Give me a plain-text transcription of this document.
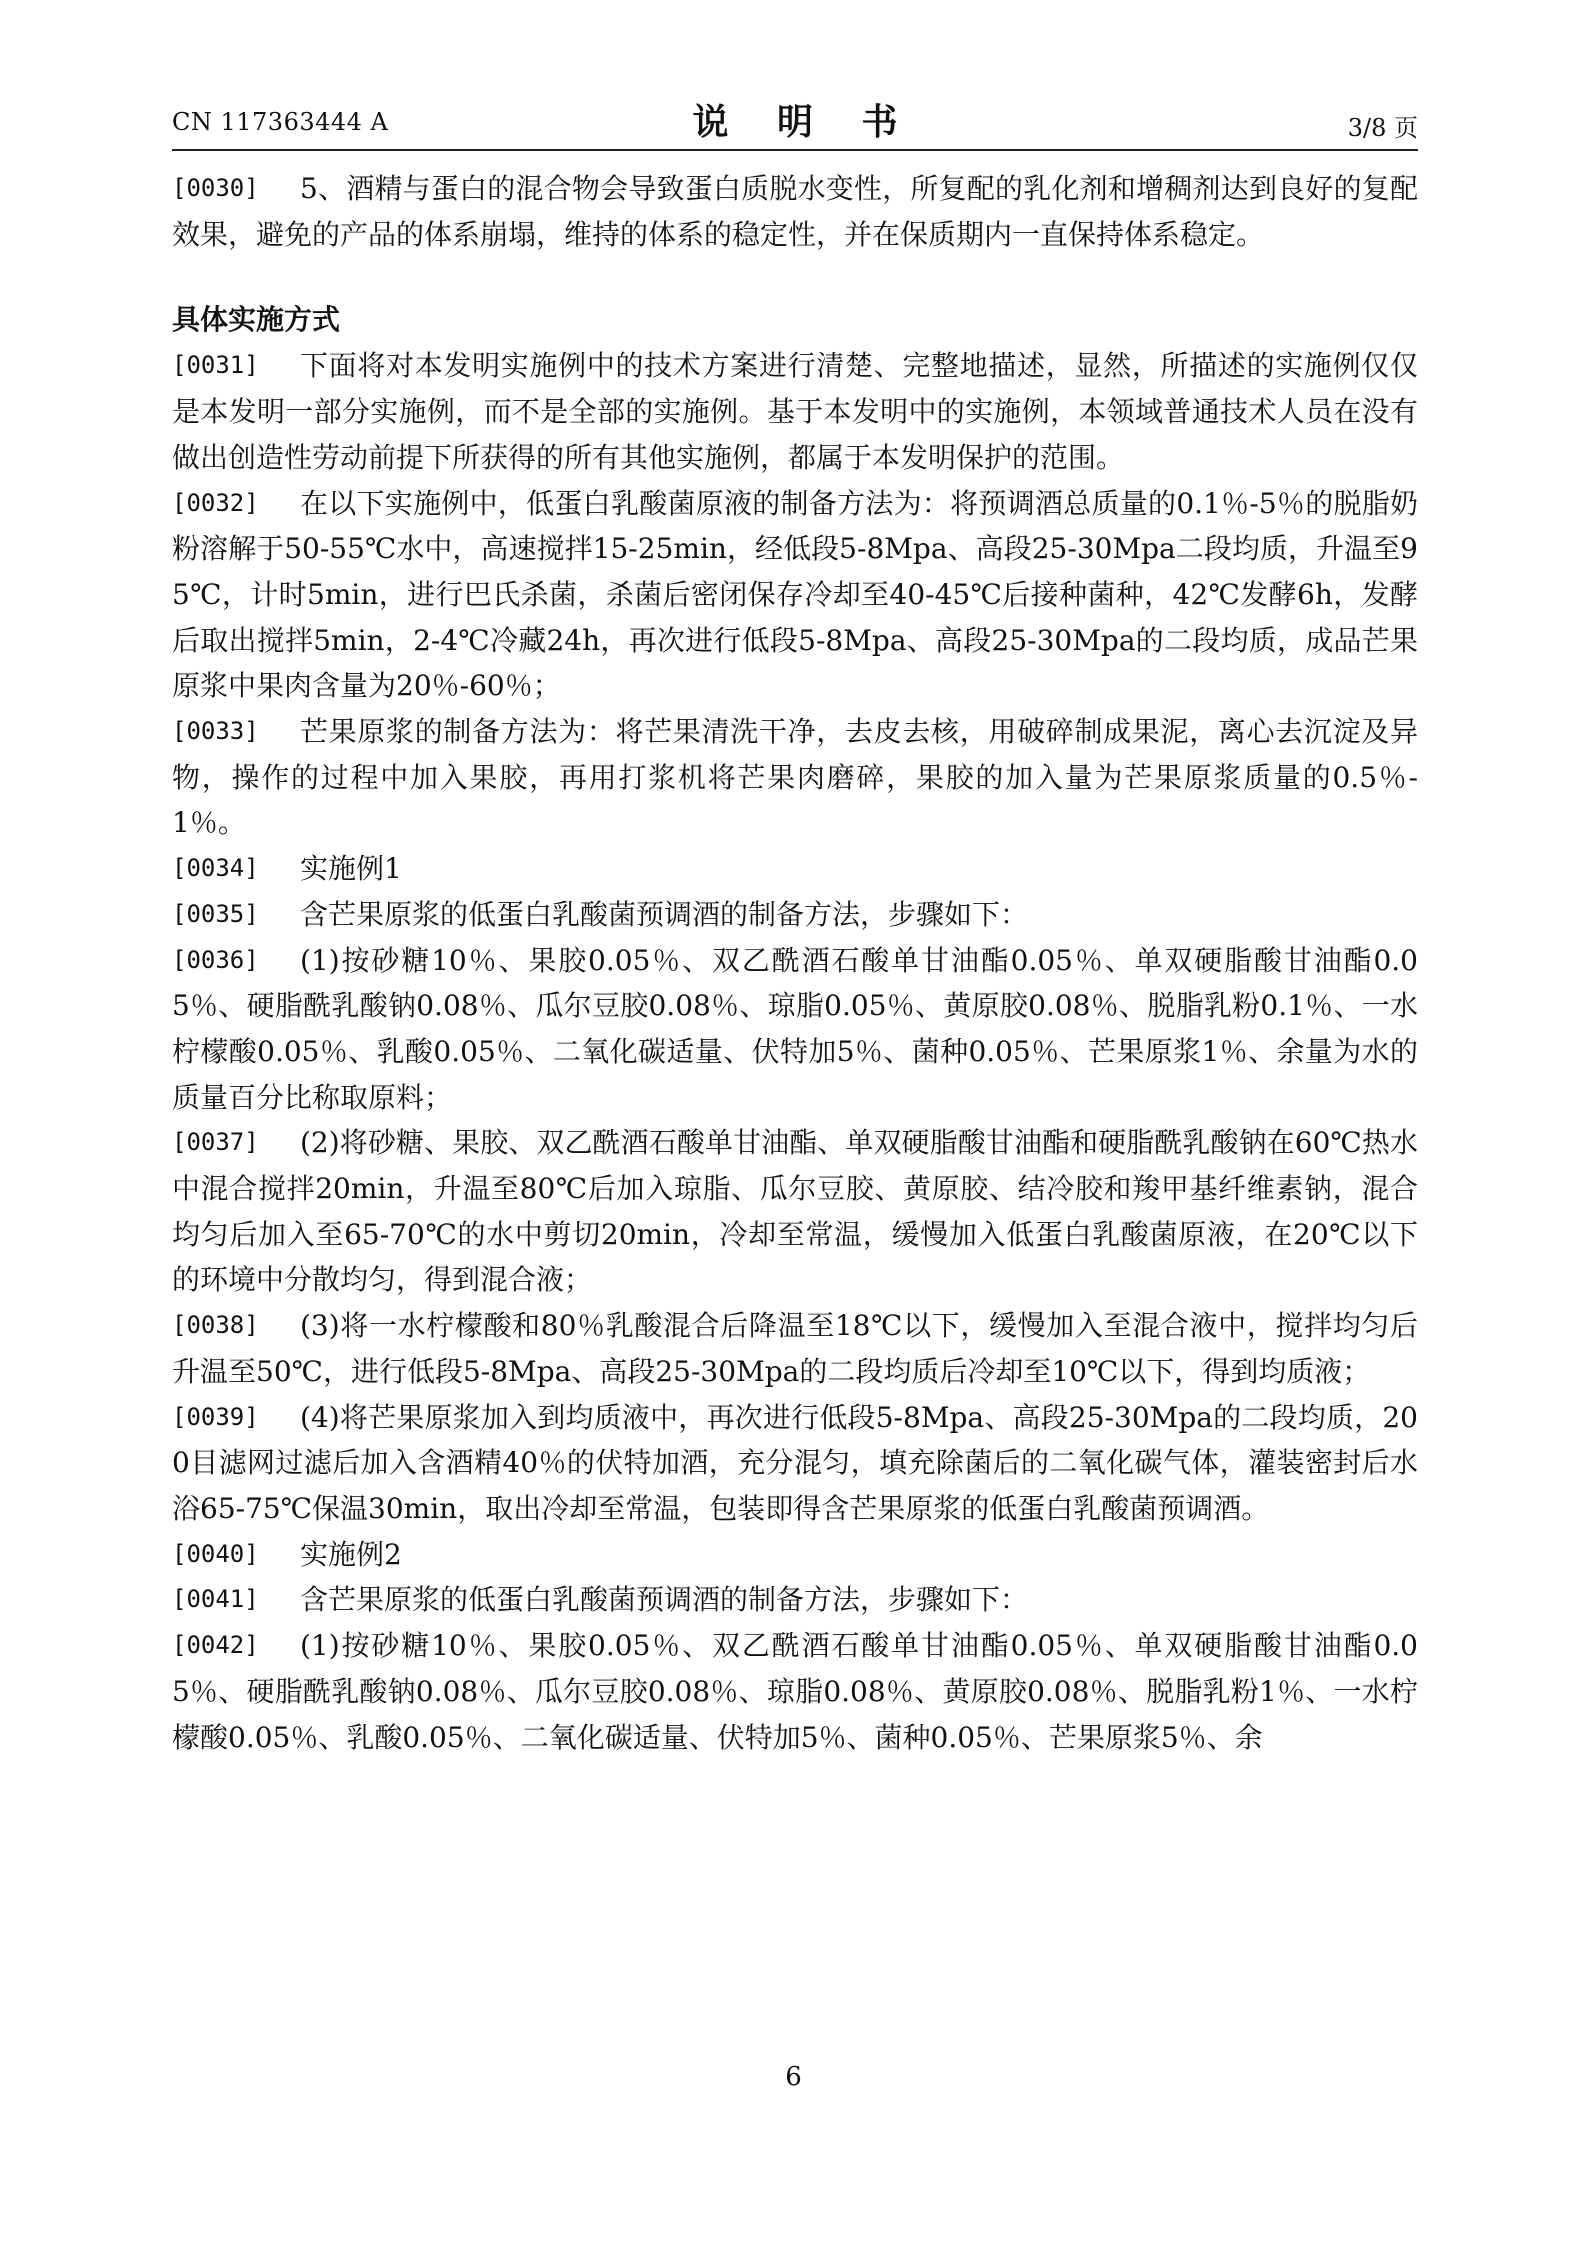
CN 117363444 A	说 明 书	3/8 页

[0030] 5、酒精与蛋白的混合物会导致蛋白质脱水变性，所复配的乳化剂和增稠剂达到良好的复配效果，避免的产品的体系崩塌，维持的体系的稳定性，并在保质期内一直保持体系稳定。

具体实施方式

[0031] 下面将对本发明实施例中的技术方案进行清楚、完整地描述，显然，所描述的实施例仅仅是本发明一部分实施例，而不是全部的实施例。基于本发明中的实施例，本领域普通技术人员在没有做出创造性劳动前提下所获得的所有其他实施例，都属于本发明保护的范围。

[0032] 在以下实施例中，低蛋白乳酸菌原液的制备方法为：将预调酒总质量的0.1％-5％的脱脂奶粉溶解于50-55℃水中，高速搅拌15-25min，经低段5-8Mpa、高段25-30Mpa二段均质，升温至95℃，计时5min，进行巴氏杀菌，杀菌后密闭保存冷却至40-45℃后接种菌种，42℃发酵6h，发酵后取出搅拌5min，2-4℃冷藏24h，再次进行低段5-8Mpa、高段25-30Mpa的二段均质，成品芒果原浆中果肉含量为20％-60％；

[0033] 芒果原浆的制备方法为：将芒果清洗干净，去皮去核，用破碎制成果泥，离心去沉淀及异物，操作的过程中加入果胶，再用打浆机将芒果肉磨碎，果胶的加入量为芒果原浆质量的0.5％-1％。

[0034] 实施例1

[0035] 含芒果原浆的低蛋白乳酸菌预调酒的制备方法，步骤如下：

[0036] (1)按砂糖10％、果胶0.05％、双乙酰酒石酸单甘油酯0.05％、单双硬脂酸甘油酯0.05％、硬脂酰乳酸钠0.08％、瓜尔豆胶0.08％、琼脂0.05％、黄原胶0.08％、脱脂乳粉0.1％、一水柠檬酸0.05％、乳酸0.05％、二氧化碳适量、伏特加5％、菌种0.05％、芒果原浆1％、余量为水的质量百分比称取原料；

[0037] (2)将砂糖、果胶、双乙酰酒石酸单甘油酯、单双硬脂酸甘油酯和硬脂酰乳酸钠在60℃热水中混合搅拌20min，升温至80℃后加入琼脂、瓜尔豆胶、黄原胶、结冷胶和羧甲基纤维素钠，混合均匀后加入至65-70℃的水中剪切20min，冷却至常温，缓慢加入低蛋白乳酸菌原液，在20℃以下的环境中分散均匀，得到混合液；

[0038] (3)将一水柠檬酸和80％乳酸混合后降温至18℃以下，缓慢加入至混合液中，搅拌均匀后升温至50℃，进行低段5-8Mpa、高段25-30Mpa的二段均质后冷却至10℃以下，得到均质液；

[0039] (4)将芒果原浆加入到均质液中，再次进行低段5-8Mpa、高段25-30Mpa的二段均质，200目滤网过滤后加入含酒精40％的伏特加酒，充分混匀，填充除菌后的二氧化碳气体，灌装密封后水浴65-75℃保温30min，取出冷却至常温，包装即得含芒果原浆的低蛋白乳酸菌预调酒。

[0040] 实施例2

[0041] 含芒果原浆的低蛋白乳酸菌预调酒的制备方法，步骤如下：

[0042] (1)按砂糖10％、果胶0.05％、双乙酰酒石酸单甘油酯0.05％、单双硬脂酸甘油酯0.05％、硬脂酰乳酸钠0.08％、瓜尔豆胶0.08％、琼脂0.08％、黄原胶0.08％、脱脂乳粉1％、一水柠檬酸0.05％、乳酸0.05％、二氧化碳适量、伏特加5％、菌种0.05％、芒果原浆5％、余

6
